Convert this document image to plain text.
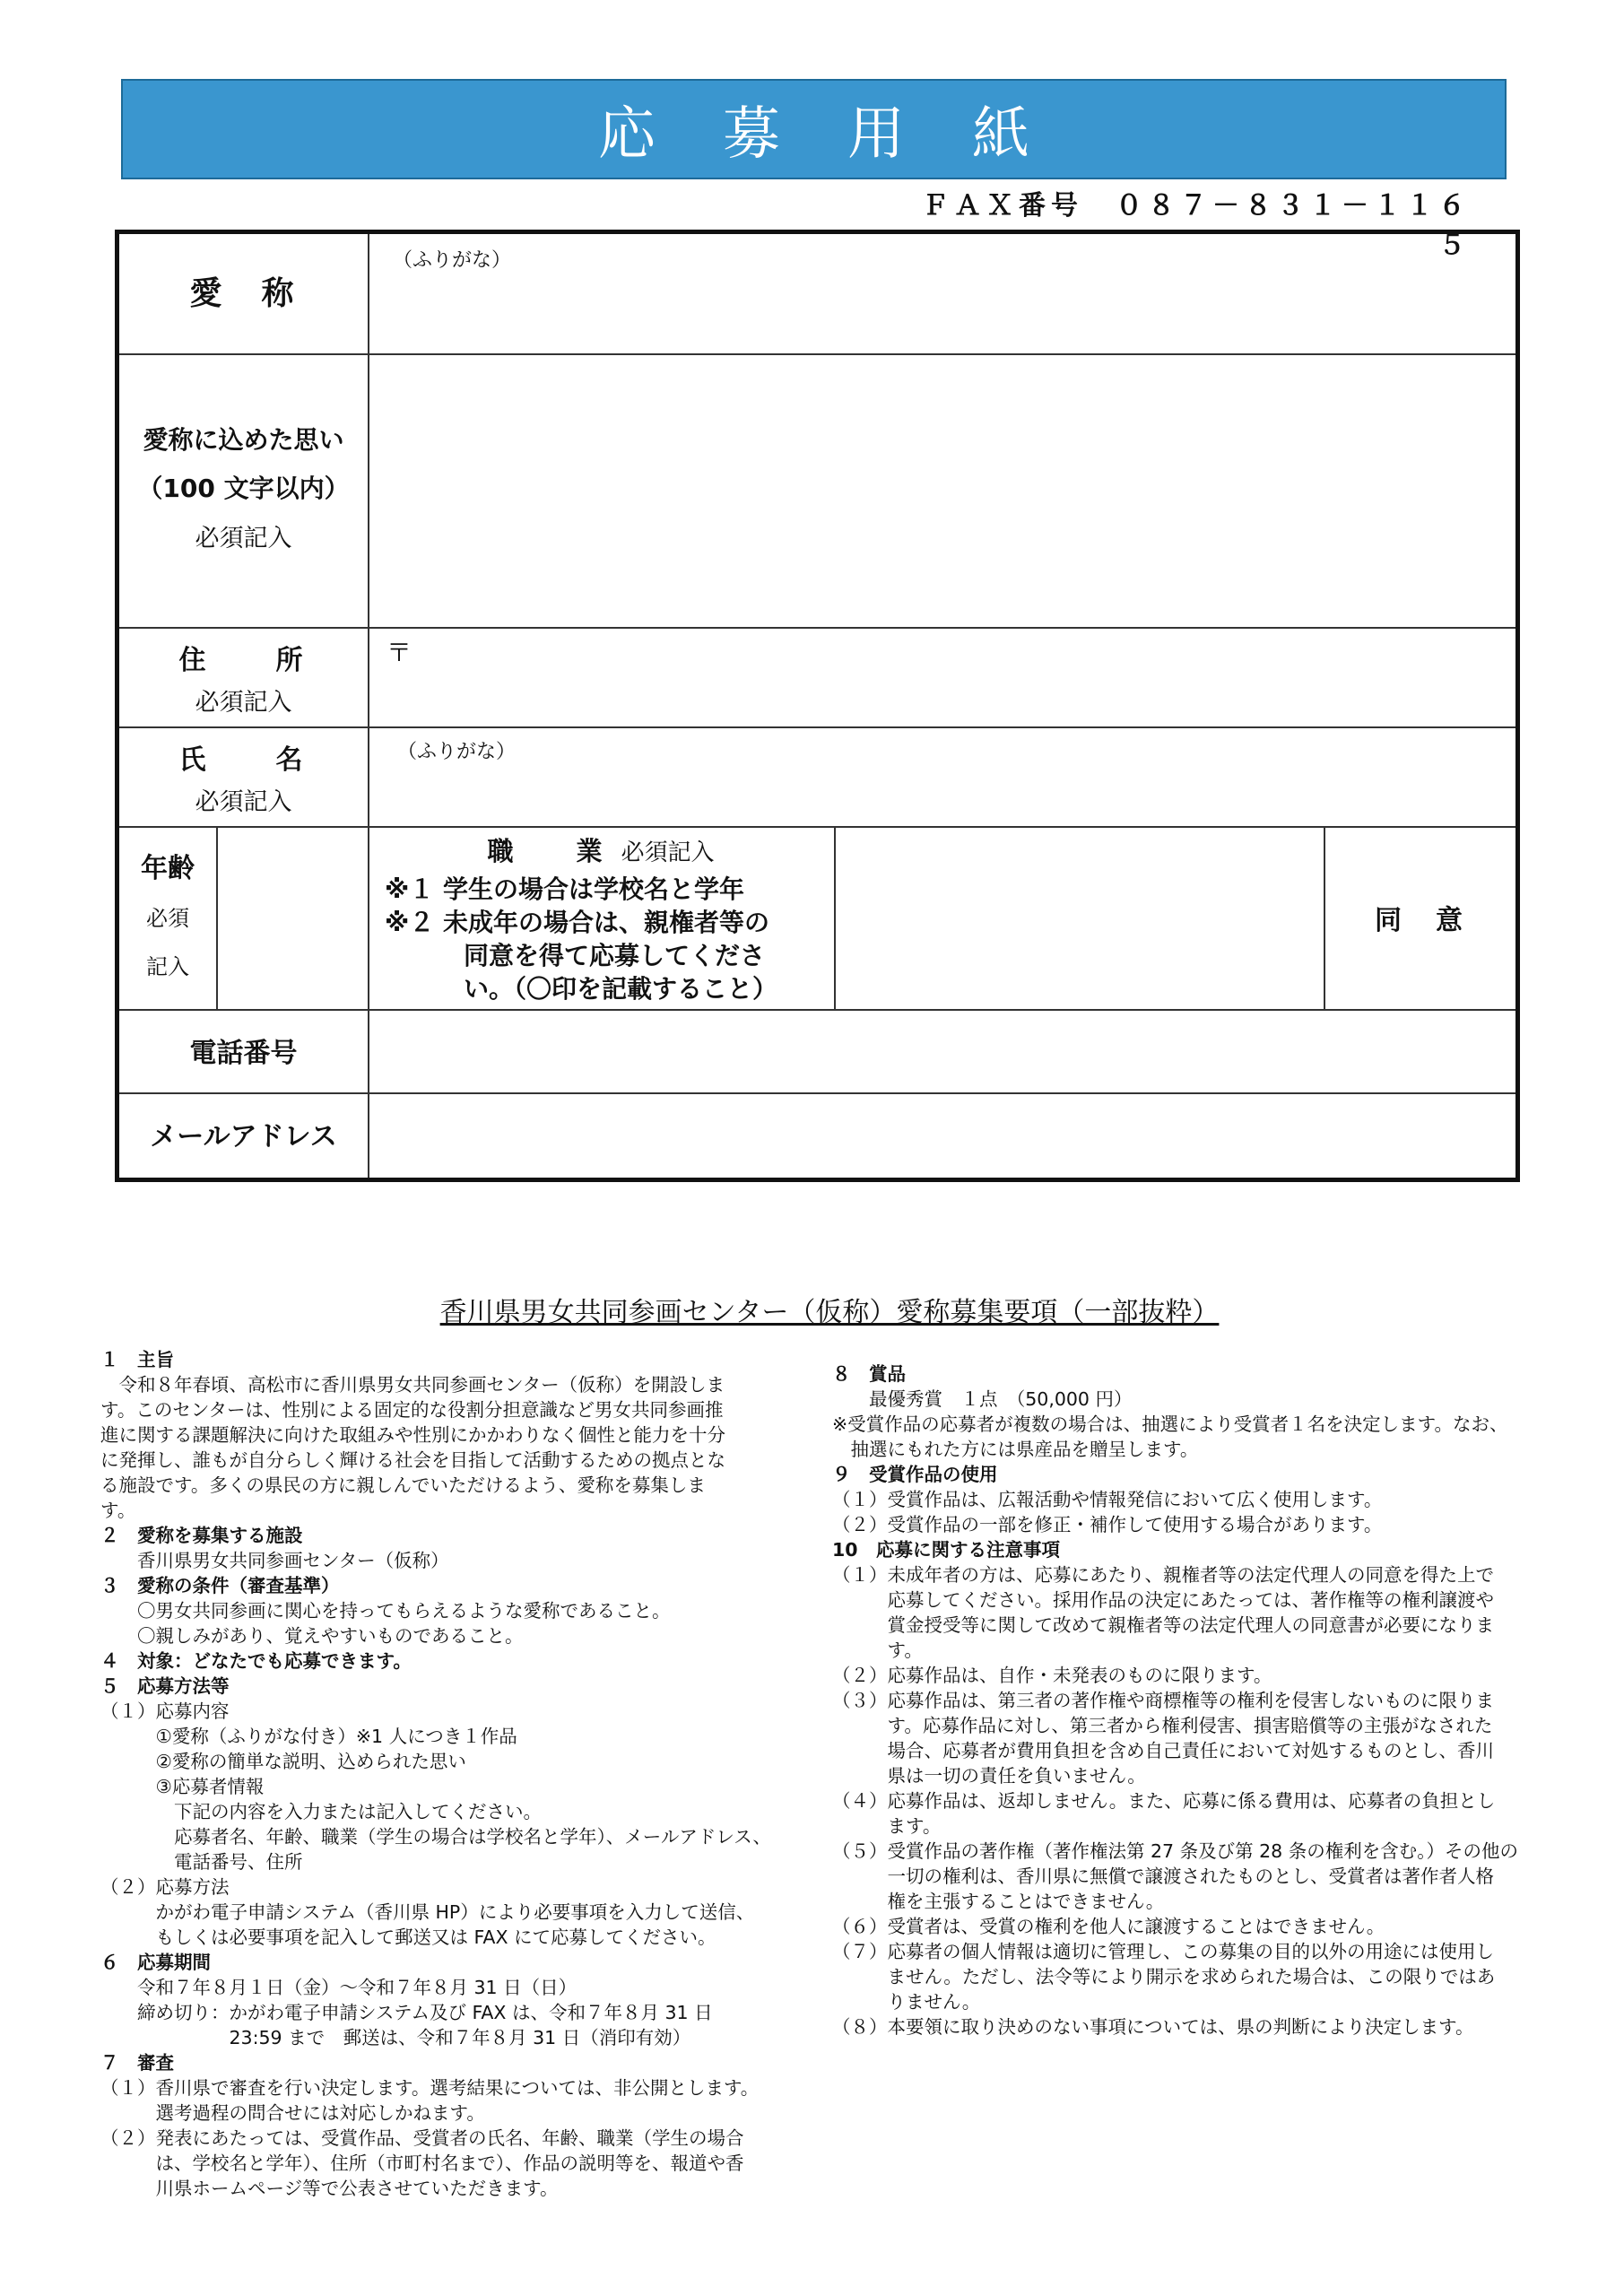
応募用紙
ＦＡＸ番号　０８７－８３１－１１６５
愛　称
（ふりがな）
愛称に込めた思い
（100 文字以内）
必須記入
住　　所
必須記入
〒
氏　　名
必須記入
（ふりがな）
年齢
必須
記入
職　　業 必須記入
※１ 学生の場合は学校名と学年
※２ 未成年の場合は、親権者等の
同意を得て応募してくださ
い。（〇印を記載すること）
同　意
電話番号
メールアドレス
香川県男女共同参画センター（仮称）愛称募集要項（一部抜粋）

１　主旨

　令和８年春頃、高松市に香川県男女共同参画センター（仮称）を開設しま

す。このセンターは、性別による固定的な役割分担意識など男女共同参画推

進に関する課題解決に向けた取組みや性別にかかわりなく個性と能力を十分

に発揮し、誰もが自分らしく輝ける社会を目指して活動するための拠点とな

る施設です。多くの県民の方に親しんでいただけるよう、愛称を募集しま

す。

２　愛称を募集する施設

　　香川県男女共同参画センター（仮称）

３　愛称の条件（審査基準）

　　〇男女共同参画に関心を持ってもらえるような愛称であること。

　　〇親しみがあり、覚えやすいものであること。

４　対象：どなたでも応募できます。

５　応募方法等

（１）応募内容

　　　①愛称（ふりがな付き）※1 人につき１作品

　　　②愛称の簡単な説明、込められた思い

　　　③応募者情報

　　　　下記の内容を入力または記入してください。

　　　　応募者名、年齢、職業（学生の場合は学校名と学年）、メールアドレス、

　　　　電話番号、住所

（２）応募方法

　　　かがわ電子申請システム（香川県 HP）により必要事項を入力して送信、

　　　もしくは必要事項を記入して郵送又は FAX にて応募してください。

６　応募期間

　　令和７年８月１日（金）～令和７年８月 31 日（日）

　　締め切り：かがわ電子申請システム及び FAX は、令和７年８月 31 日

　　　　　　　23:59 まで　郵送は、令和７年８月 31 日（消印有効）

７　審査

（１）香川県で審査を行い決定します。選考結果については、非公開とします。

　　　選考過程の問合せには対応しかねます。

（２）発表にあたっては、受賞作品、受賞者の氏名、年齢、職業（学生の場合

　　　は、学校名と学年）、住所（市町村名まで）、作品の説明等を、報道や香

　　　川県ホームページ等で公表させていただきます。

８　賞品

　　最優秀賞　１点　（50,000 円）

※受賞作品の応募者が複数の場合は、抽選により受賞者１名を決定します。なお、

　抽選にもれた方には県産品を贈呈します。

９　受賞作品の使用

（１）受賞作品は、広報活動や情報発信において広く使用します。

（２）受賞作品の一部を修正・補作して使用する場合があります。

10　応募に関する注意事項

（１）未成年者の方は、応募にあたり、親権者等の法定代理人の同意を得た上で

　　　応募してください。採用作品の決定にあたっては、著作権等の権利譲渡や

　　　賞金授受等に関して改めて親権者等の法定代理人の同意書が必要になりま

　　　す。

（２）応募作品は、自作・未発表のものに限ります。

（３）応募作品は、第三者の著作権や商標権等の権利を侵害しないものに限りま

　　　す。応募作品に対し、第三者から権利侵害、損害賠償等の主張がなされた

　　　場合、応募者が費用負担を含め自己責任において対処するものとし、香川

　　　県は一切の責任を負いません。

（４）応募作品は、返却しません。また、応募に係る費用は、応募者の負担とし

　　　ます。

（５）受賞作品の著作権（著作権法第 27 条及び第 28 条の権利を含む。）その他の

　　　一切の権利は、香川県に無償で譲渡されたものとし、受賞者は著作者人格

　　　権を主張することはできません。

（６）受賞者は、受賞の権利を他人に譲渡することはできません。

（７）応募者の個人情報は適切に管理し、この募集の目的以外の用途には使用し

　　　ません。ただし、法令等により開示を求められた場合は、この限りではあ

　　　りません。

（８）本要領に取り決めのない事項については、県の判断により決定します。
